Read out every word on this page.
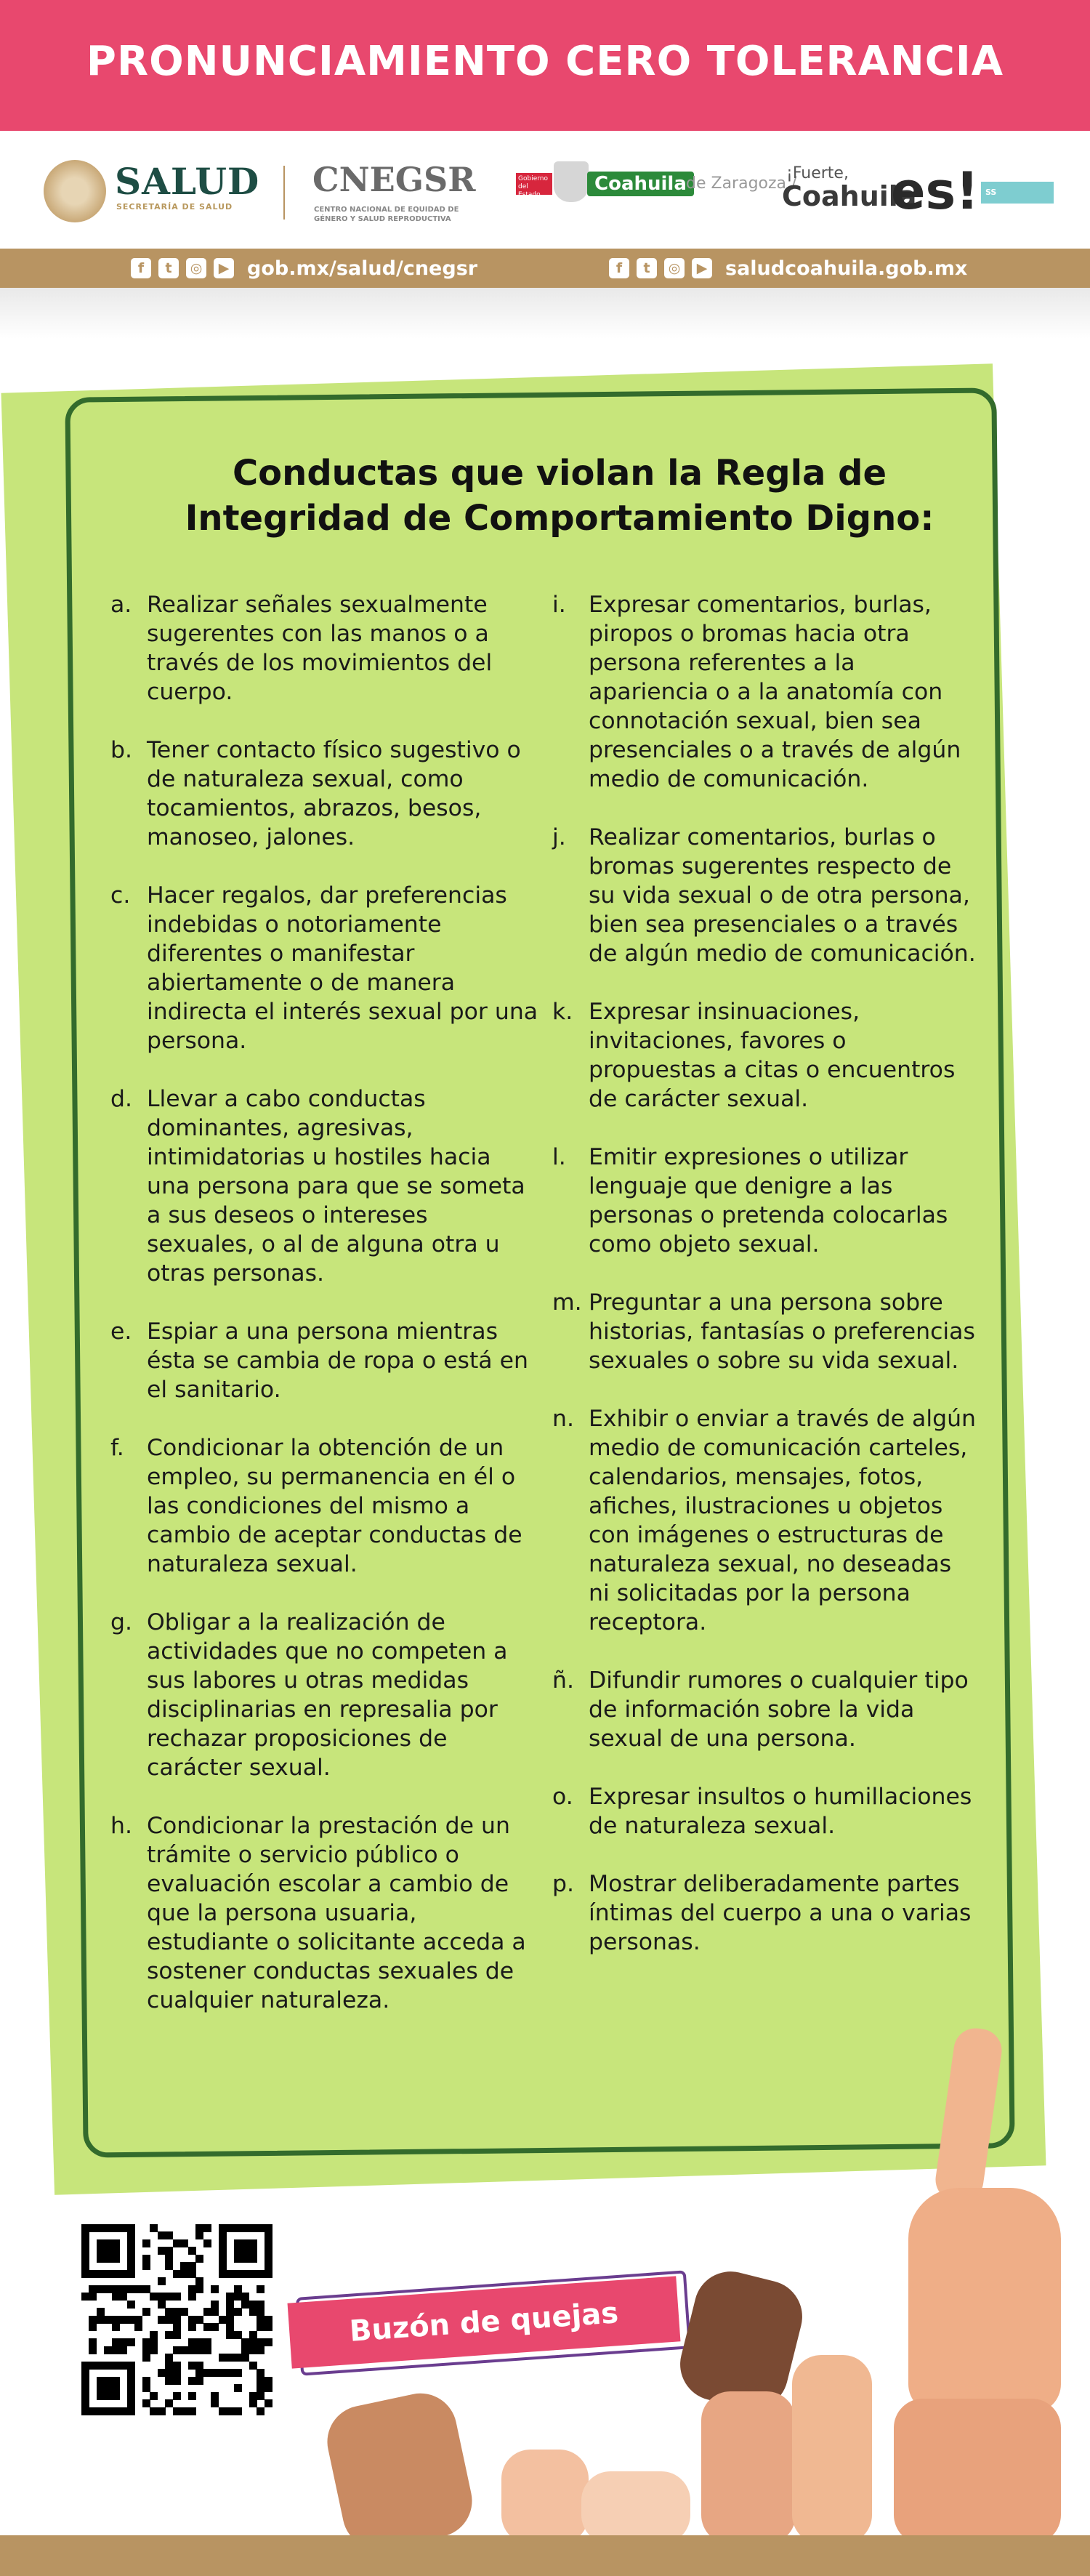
PRONUNCIAMIENTO CERO TOLERANCIA
SALUD
SECRETARÍA DE SALUD
CNEGSR
CENTRO NACIONAL DE EQUIDAD DE GÉNERO Y SALUD REPRODUCTIVA
Gobierno del Estado	Coahuila de Zaragoza /
¡Fuerte,
Coahuila
es! SS SECRETARÍA DE SALUD
f	t	◎	▶ gob.mx/salud/cnegsr	f	t	◎	▶ saludcoahuila.gob.mx
Conductas que violan la Regla de
Integridad de Comportamiento Digno:
a. Realizar señales sexualmente sugerentes con las manos o a través de los movimientos del cuerpo.
b. Tener contacto físico sugestivo o de naturaleza sexual, como tocamientos, abrazos, besos, manoseo, jalones.
c. Hacer regalos, dar preferencias indebidas o notoriamente diferentes o manifestar abiertamente o de manera indirecta el interés sexual por una persona.
d. Llevar a cabo conductas dominantes, agresivas, intimidatorias u hostiles hacia una persona para que se someta a sus deseos o intereses sexuales, o al de alguna otra u otras personas.
e. Espiar a una persona mientras ésta se cambia de ropa o está en el sanitario.
f. Condicionar la obtención de un empleo, su permanencia en él o las condiciones del mismo a cambio de aceptar conductas de naturaleza sexual.
g. Obligar a la realización de actividades que no competen a sus labores u otras medidas disciplinarias en represalia por rechazar proposiciones de carácter sexual.
h. Condicionar la prestación de un trámite o servicio público o evaluación escolar a cambio de que la persona usuaria, estudiante o solicitante acceda a sostener conductas sexuales de cualquier naturaleza.
i. Expresar comentarios, burlas, piropos o bromas hacia otra persona referentes a la apariencia o a la anatomía con connotación sexual, bien sea presenciales o a través de algún medio de comunicación.
j. Realizar comentarios, burlas o bromas sugerentes respecto de su vida sexual o de otra persona, bien sea presenciales o a través de algún medio de comunicación.
k. Expresar insinuaciones, invitaciones, favores o propuestas a citas o encuentros de carácter sexual.
l. Emitir expresiones o utilizar lenguaje que denigre a las personas o pretenda colocarlas como objeto sexual.
m. Preguntar a una persona sobre historias, fantasías o preferencias sexuales o sobre su vida sexual.
n. Exhibir o enviar a través de algún medio de comunicación carteles, calendarios, mensajes, fotos, afiches, ilustraciones u objetos con imágenes o estructuras de naturaleza sexual, no deseadas ni solicitadas por la persona receptora.
ñ. Difundir rumores o cualquier tipo de información sobre la vida sexual de una persona.
o. Expresar insultos o humillaciones de naturaleza sexual.
p. Mostrar deliberadamente partes íntimas del cuerpo a una o varias personas.
Buzón de quejas
